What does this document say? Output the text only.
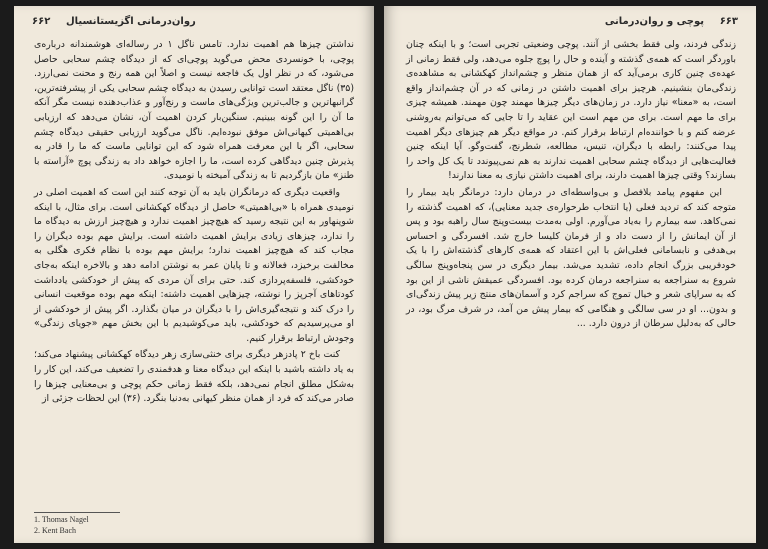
روان‌درمانی اگزیستانسیال
۶۶۲

نداشتن چیزها هم اهمیت ندارد. تامس ناگل ۱ در رساله‌ای هوشمندانه درباره‌ی پوچی، با خونسردی محض می‌گوید پوچی‌ای که از دیدگاه چشم سحابی حاصل می‌شود، که در نظر اول یک فاجعه نیست و اصلاً این همه رنج و محنت نمی‌ارزد. (۳۵) ناگل معتقد است توانایی رسیدن به دیدگاه چشم سحابی یکی از پیشرفته‌ترین، گرانبهاترین و جالب‌ترین ویژگی‌های ماست و رنج‌آور و عذاب‌دهنده نیست مگر آنکه ما آن را این گونه ببینیم. سنگین‌بار کردن اهمیت آن، نشان می‌دهد که ارزیابی بی‌اهمیتی کیهانی‌اش موفق نبوده‌ایم. ناگل می‌گوید ارزیابی حقیقی دیدگاه چشم سحابی، اگر با این معرفت همراه شود که این توانایی ماست که ما را قادر به پذیرش چنین دیدگاهی کرده است، ما را اجازه خواهد داد به زندگی پوچ «آراسته با طنز» مان بازگردیم تا به زندگی آمیخته با نومیدی.

واقعیت دیگری که درمانگران باید به آن توجه کنند این است که اهمیت اصلی در نومیدی همراه با «بی‌اهمیتی» حاصل از دیدگاه کهکشانی است. برای مثال، با اینکه شوپنهاور به این نتیجه رسید که هیچ‌چیز اهمیت ندارد و هیچ‌چیز ارزش به دیدگاه ما را ندارد، چیزهای زیادی برایش اهمیت داشته است. برایش مهم بوده دیگران را مجاب کند که هیچ‌چیز اهمیت ندارد؛ برایش مهم بوده با نظام فکری هگلی به مخالفت برخیزد، فعالانه و تا پایان عمر به نوشتن ادامه دهد و بالاخره اینکه به‌جای خودکشی، فلسفه‌پردازی کند. حتی برای آن مردی که پیش از خودکشی یادداشت کودتاهای آجرپز را نوشته، چیزهایی اهمیت داشته: اینکه مهم بوده موقعیت انسانی را درک کند و نتیجه‌گیری‌اش را با دیگران در میان بگذارد. اگر پیش از خودکشی از او می‌پرسیدیم که خودکشی، باید می‌کوشیدیم با این بخش مهم «جویای زندگی» وجودش ارتباط برقرار کنیم.

کنت باخ ۲ پادزهر دیگری برای خنثی‌سازی زهر دیدگاه کهکشانی پیشنهاد می‌کند؛ به یاد داشته باشید با اینکه این دیدگاه معنا و هدفمندی را تضعیف می‌کند، این کار را به‌شکل مطلق انجام نمی‌دهد، بلکه فقط زمانی حکم پوچی و بی‌معنایی چیزها را صادر می‌کند که فرد از همان منظر کیهانی به‌دنیا بنگرد. (۳۶) این لحظات جزئی از

1. Thomas Nagel
2. Kent Bach
پوچی و روان‌درمانی ۶۶۳

زندگی فردند، ولی فقط بخشی از آنند. پوچی وضعیتی تجربی است؛ و با اینکه چنان باوردگر است که همه‌ی گذشته و آینده و حال را پوچ جلوه می‌دهد، ولی فقط زمانی از عهده‌ی چنین کاری برمی‌آید که از همان منظر و چشم‌انداز کهکشانی به مشاهده‌ی زندگی‌مان بنشینیم. هرچیز برای اهمیت داشتن در زمانی که در آن چشم‌انداز واقع است، به «معنا» نیاز دارد. در زمان‌های دیگر چیزها مهمند چون مهمند. همیشه چیزی برای ما مهم است. برای من مهم است این عقاید را تا جایی که می‌توانم به‌روشنی عرضه کنم و با خواننده‌ام ارتباط برقرار کنم. در مواقع دیگر هم چیزهای دیگر اهمیت پیدا می‌کنند: رابطه با دیگران، تنیس، مطالعه، شطرنج، گفت‌وگو. آیا اینکه چنین فعالیت‌هایی از دیدگاه چشم سحابی اهمیت ندارند به هم نمی‌پیوندد تا یک کل واحد را بسازند؟ وقتی چیزها اهمیت دارند، برای اهمیت داشتن نیازی به معنا ندارند!

این مفهوم پیامد بلافصل و بی‌واسطه‌ای در درمان دارد: درمانگر باید بیمار را متوجه کند که تردید فعلی (یا انتخاب طرحواره‌ی جدید معنایی)، که اهمیت گذشته را نمی‌کاهد. سه بیمارم را به‌یاد می‌آورم. اولی به‌مدت بیست‌وپنج سال راهبه بود و پس از آن ایمانش را از دست داد و از فرمان کلیسا خارج شد. افسردگی و احساس بی‌هدفی و نابسامانی فعلی‌اش با این اعتقاد که همه‌ی کارهای گذشته‌اش را با یک خودفریبی بزرگ انجام داده، تشدید می‌شد. بیمار دیگری در سن پنجاه‌وپنج سالگی شروع به سنراجعه به سنراجعه درمان کرده بود. افسردگی عمیقش ناشی از این بود که به سراپای شعر و خیال تموج که سراجم کرد و آسمان‌های منتج زیر پیش زندگی‌ای و بدون... او در سی سالگی و هنگامی که بیمار پیش من آمد، در شرف مرگ بود، در حالی که به‌دلیل سرطان از درون دارد. ...
